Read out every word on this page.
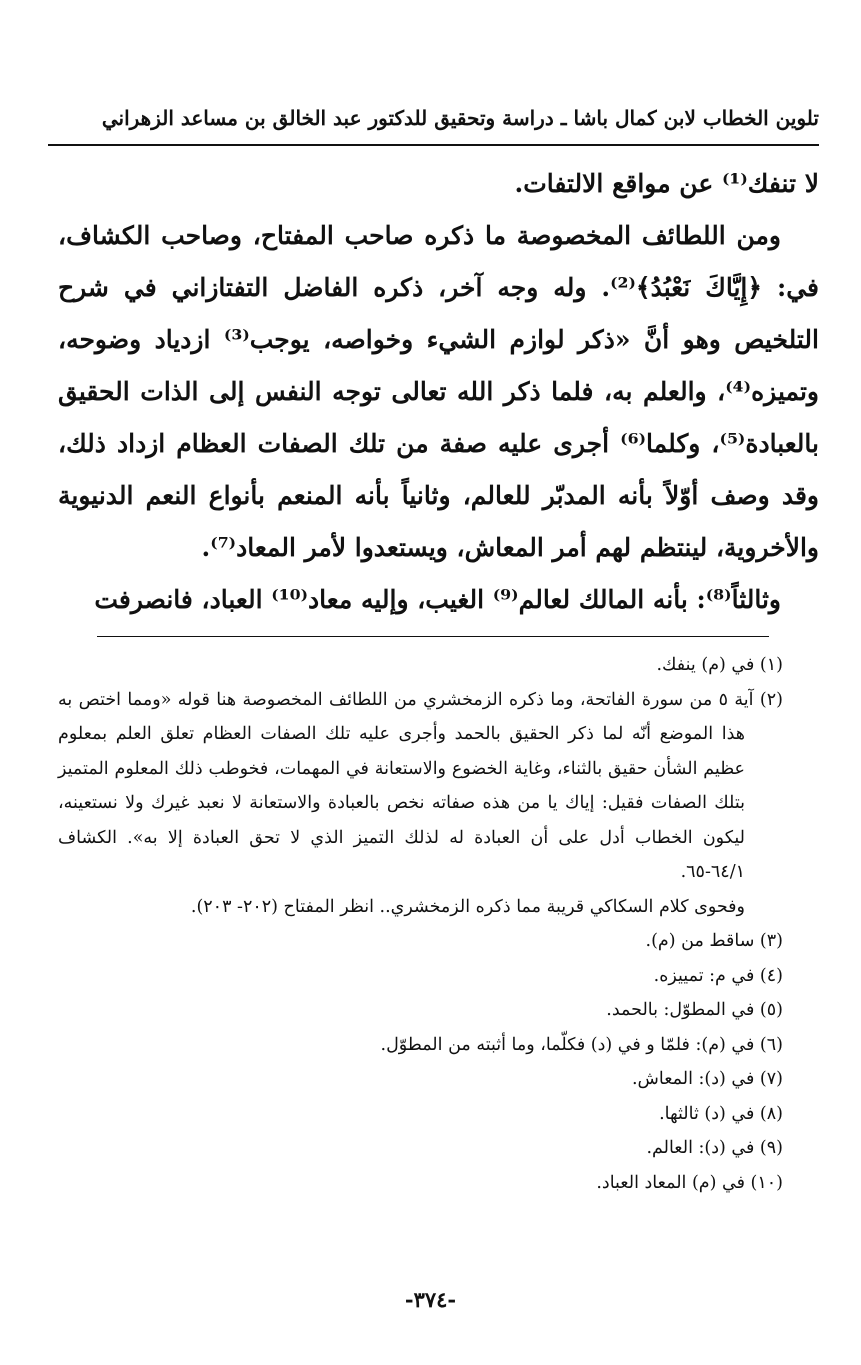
تلوين الخطاب لابن كمال باشا ـ دراسة وتحقيق للدكتور عبد الخالق بن مساعد الزهراني

لا تنفك⁽¹⁾ عن مواقع الالتفات.

ومن اللطائف المخصوصة ما ذكره صاحب المفتاح، وصاحب الكشاف، في: ﴿إِيَّاكَ نَعْبُدُ﴾⁽²⁾. وله وجه آخر، ذكره الفاضل التفتازاني في شرح التلخيص وهو أنَّ «ذكر لوازم الشيء وخواصه، يوجب⁽³⁾ ازدياد وضوحه، وتميزه⁽⁴⁾، والعلم به، فلما ذكر الله تعالى توجه النفس إلى الذات الحقيق بالعبادة⁽⁵⁾، وكلما⁽⁶⁾ أجرى عليه صفة من تلك الصفات العظام ازداد ذلك، وقد وصف أوّلاً بأنه المدبّر للعالم، وثانياً بأنه المنعم بأنواع النعم الدنيوية والأخروية، لينتظم لهم أمر المعاش، ويستعدوا لأمر المعاد⁽⁷⁾.

وثالثاً⁽⁸⁾: بأنه المالك لعالم⁽⁹⁾ الغيب، وإليه معاد⁽¹⁰⁾ العباد، فانصرفت

(١) في (م) ينفك.

(٢) آية ٥ من سورة الفاتحة، وما ذكره الزمخشري من اللطائف المخصوصة هنا قوله «ومما اختص به هذا الموضع أنّه لما ذكر الحقيق بالحمد وأجرى عليه تلك الصفات العظام تعلق العلم بمعلوم عظيم الشأن حقيق بالثناء، وغاية الخضوع والاستعانة في المهمات، فخوطب ذلك المعلوم المتميز بتلك الصفات فقيل: إياك يا من هذه صفاته نخص بالعبادة والاستعانة لا نعبد غيرك ولا نستعينه، ليكون الخطاب أدل على أن العبادة له لذلك التميز الذي لا تحق العبادة إلا به». الكشاف ٦٤/١-٦٥.

وفحوى كلام السكاكي قريبة مما ذكره الزمخشري.. انظر المفتاح (٢٠٢- ٢٠٣).

(٣) ساقط من (م).

(٤) في م: تمييزه.

(٥) في المطوّل: بالحمد.

(٦) في (م): فلمّا و في (د) فكلّما، وما أثبته من المطوّل.

(٧) في (د): المعاش.

(٨) في (د) ثالثها.

(٩) في (د): العالم.

(١٠) في (م) المعاد العباد.

-٣٧٤-
